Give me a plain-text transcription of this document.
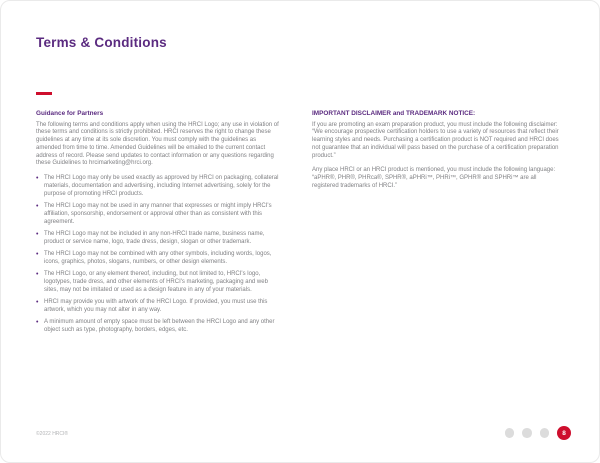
Terms & Conditions
Guidance for Partners

The following terms and conditions apply when using the HRCI Logo; any use in violation of these terms and conditions is strictly prohibited. HRCI reserves the right to change these guidelines at any time at its sole discretion. You must comply with the guidelines as amended from time to time. Amended Guidelines will be emailed to the current contact address of record. Please send updates to contact information or any questions regarding these Guidelines to hrcimarketing@hrci.org.

• The HRCI Logo may only be used exactly as approved by HRCI on packaging, collateral materials, documentation and advertising, including Internet advertising, solely for the purpose of promoting HRCI products.
• The HRCI Logo may not be used in any manner that expresses or might imply HRCI's affiliation, sponsorship, endorsement or approval other than as consistent with this agreement.
• The HRCI Logo may not be included in any non-HRCI trade name, business name, product or service name, logo, trade dress, design, slogan or other trademark.
• The HRCI Logo may not be combined with any other symbols, including words, logos, icons, graphics, photos, slogans, numbers, or other design elements.
• The HRCI Logo, or any element thereof, including, but not limited to, HRCI's logo, logotypes, trade dress, and other elements of HRCI's marketing, packaging and web sites, may not be imitated or used as a design feature in any of your materials.
• HRCI may provide you with artwork of the HRCI Logo. If provided, you must use this artwork, which you may not alter in any way.
• A minimum amount of empty space must be left between the HRCI Logo and any other object such as type, photography, borders, edges, etc.
IMPORTANT DISCLAIMER and TRADEMARK NOTICE:

If you are promoting an exam preparation product, you must include the following disclaimer: “We encourage prospective certification holders to use a variety of resources that reflect their learning styles and needs. Purchasing a certification product is NOT required and HRCI does not guarantee that an individual will pass based on the purchase of a certification preparation product.”

Any place HRCI or an HRCI product is mentioned, you must include the following language: “aPHR®, PHR®, PHRca®, SPHR®, aPHRi™, PHRi™, GPHR® and SPHRi™ are all registered trademarks of HRCI.”

©2022 HRCI®	8
